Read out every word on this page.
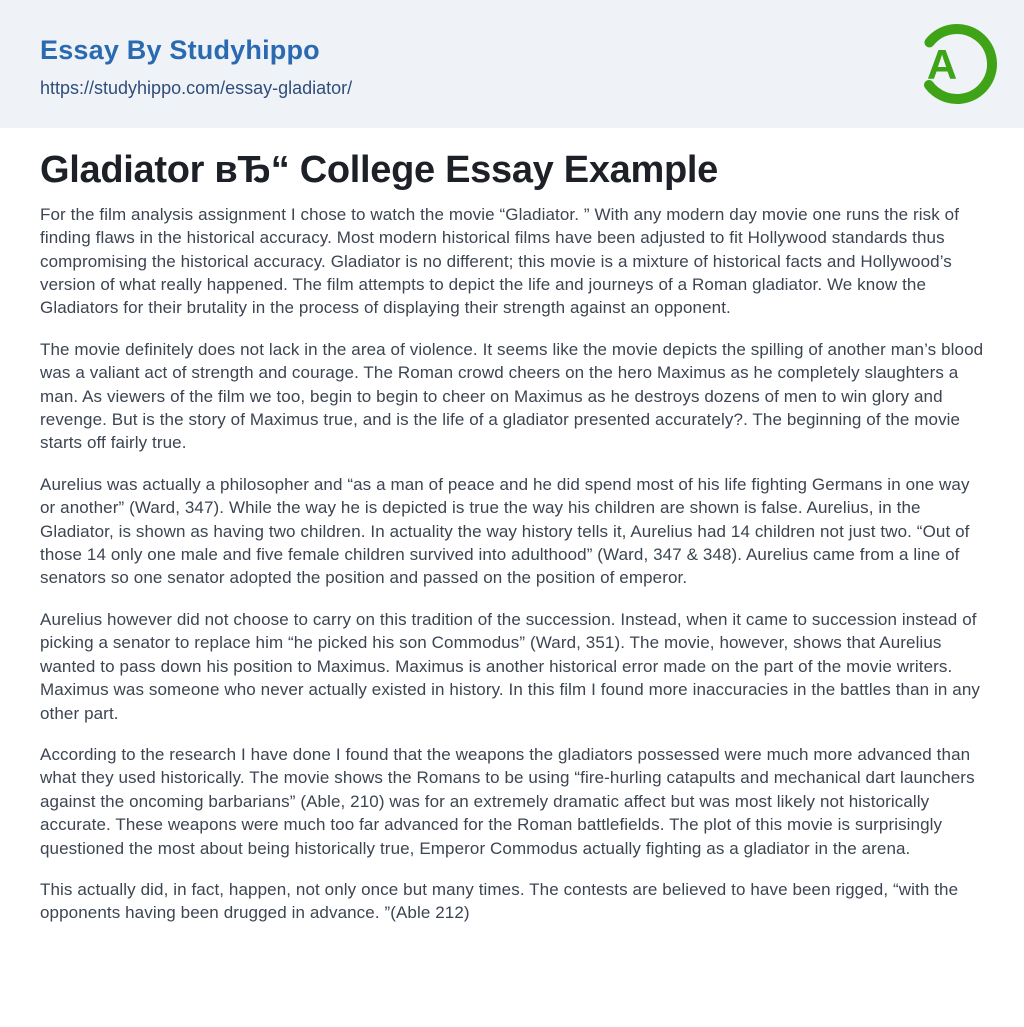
Essay By Studyhippo
https://studyhippo.com/essay-gladiator/	A
Gladiator вЂ“ College Essay Example

For the film analysis assignment I chose to watch the movie “Gladiator. ” With any modern day movie one runs the risk of finding flaws in the historical accuracy. Most modern historical films have been adjusted to fit Hollywood standards thus compromising the historical accuracy. Gladiator is no different; this movie is a mixture of historical facts and Hollywood’s version of what really happened. The film attempts to depict the life and journeys of a Roman gladiator. We know the Gladiators for their brutality in the process of displaying their strength against an opponent.

The movie definitely does not lack in the area of violence. It seems like the movie depicts the spilling of another man’s blood was a valiant act of strength and courage. The Roman crowd cheers on the hero Maximus as he completely slaughters a man. As viewers of the film we too, begin to begin to cheer on Maximus as he destroys dozens of men to win glory and revenge. But is the story of Maximus true, and is the life of a gladiator presented accurately?. The beginning of the movie starts off fairly true.

Aurelius was actually a philosopher and “as a man of peace and he did spend most of his life fighting Germans in one way or another” (Ward, 347). While the way he is depicted is true the way his children are shown is false. Aurelius, in the Gladiator, is shown as having two children. In actuality the way history tells it, Aurelius had 14 children not just two. “Out of those 14 only one male and five female children survived into adulthood” (Ward, 347 & 348). Aurelius came from a line of senators so one senator adopted the position and passed on the position of emperor.

Aurelius however did not choose to carry on this tradition of the succession. Instead, when it came to succession instead of picking a senator to replace him “he picked his son Commodus” (Ward, 351). The movie, however, shows that Aurelius wanted to pass down his position to Maximus. Maximus is another historical error made on the part of the movie writers. Maximus was someone who never actually existed in history. In this film I found more inaccuracies in the battles than in any other part.

According to the research I have done I found that the weapons the gladiators possessed were much more advanced than what they used historically. The movie shows the Romans to be using “fire-hurling catapults and mechanical dart launchers against the oncoming barbarians” (Able, 210) was for an extremely dramatic affect but was most likely not historically accurate. These weapons were much too far advanced for the Roman battlefields. The plot of this movie is surprisingly questioned the most about being historically true, Emperor Commodus actually fighting as a gladiator in the arena.

This actually did, in fact, happen, not only once but many times. The contests are believed to have been rigged, “with the opponents having been drugged in advance. ”(Able 212)
